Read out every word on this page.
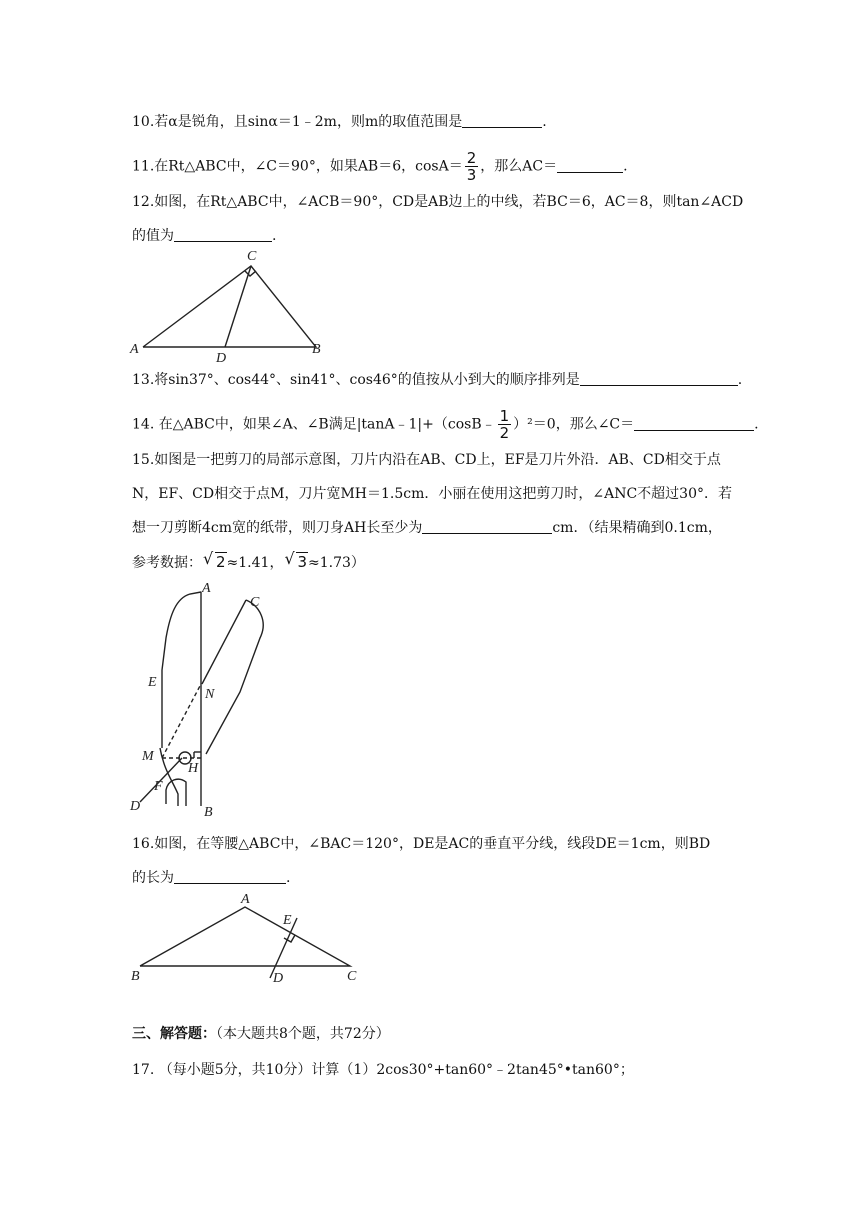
10.若α是锐角，且sinα＝1﹣2m，则m的取值范围是	.
11.在Rt△ABC中，∠C＝90°，如果AB＝6，$\cos A= \frac{2}{3}$ ，那么AC＝	.
12.如图，在Rt△ABC中，∠ACB＝90°，CD是AB边上的中线，若BC＝6，AC＝8，则tan∠ACD
的值为	.
C
A	B
D
13.将sin37°、cos44°、sin41°、cos46°的值按从小到大的顺序排列是	.
14. 在△ABC中，如果∠A、∠B满足|tanA﹣1|+（cosB﹣ $\frac{1}{2} )^2=0$，那么∠C＝	.
15.如图是一把剪刀的局部示意图，刀片内沿在AB、CD上，EF是刀片外沿．AB、CD相交于点
N，EF、CD相交于点M，刀片宽MH＝1.5cm．小丽在使用这把剪刀时，∠ANC不超过30°．若
想一刀剪断4cm宽的纸带，则刀身AH长至少为	cm．（结果精确到0.1cm，
参考数据： √ 2≈1.41， √ 3≈1.73）
A
C
E
N
M
H
F
D	B
16.如图，在等腰△ABC中，∠BAC＝120°，DE是AC的垂直平分线，线段DE＝1cm，则BD
的长为	.
A
B	C
D
E
三、解答题：（本大题共8个题，共72分）
17. （每小题5分，共10分）计算（1）2cos30°+tan60°﹣2tan45°•tan60°；
